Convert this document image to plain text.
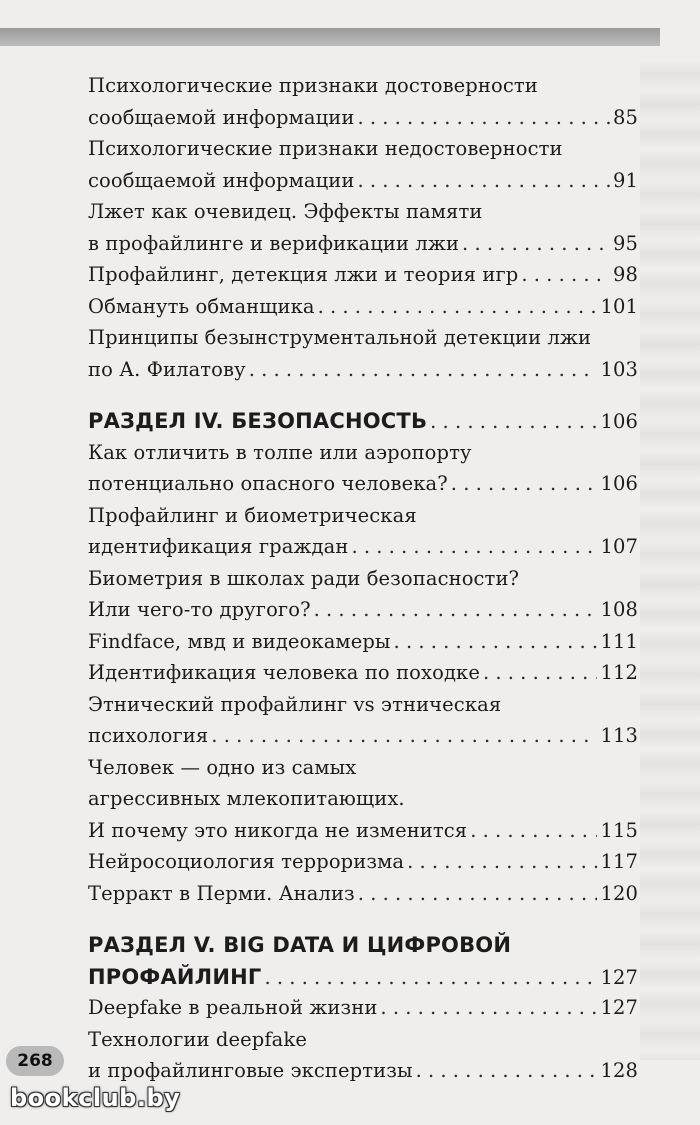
Психологические признаки достоверности
сообщаемой информации . . .	85
Психологические признаки недостоверности
сообщаемой информации . . .	91
Лжет как очевидец. Эффекты памяти
в профайлинге и верификации лжи . . .	95
Профайлинг, детекция лжи и теория игр . . .	98
Обмануть обманщика . . .	101
Принципы безынструментальной детекции лжи
по А. Филатову . . .	103
РАЗДЕЛ IV. БЕЗОПАСНОСТЬ . . .	106
Как отличить в толпе или аэропорту
потенциально опасного человека? . . .	106
Профайлинг и биометрическая
идентификация граждан . . .	107
Биометрия в школах ради безопасности?
Или чего-то другого? . . .	108
Findface, мвд и видеокамеры . . .	111
Идентификация человека по походке . . .	112
Этнический профайлинг vs этническая
психология . . .	113
Человек — одно из самых
агрессивных млекопитающих.
И почему это никогда не изменится . . .	115
Нейросоциология терроризма . . .	117
Терракт в Перми. Анализ . . .	120
РАЗДЕЛ V. BIG DATA И ЦИФРОВОЙ
ПРОФАЙЛИНГ . . .	127
Deepfake в реальной жизни . . .	127
Технологии deepfake
и профайлинговые экспертизы . . .	128
268
bookclub.by
